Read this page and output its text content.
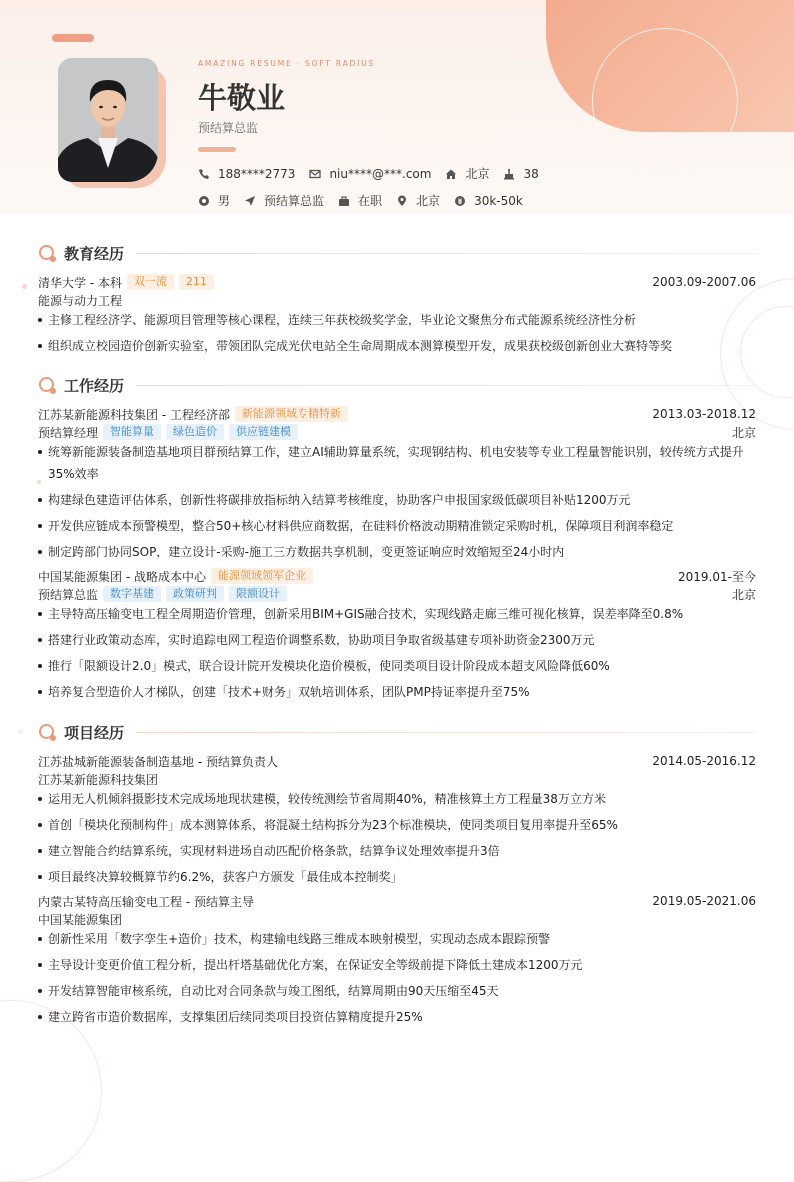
AMAZING RESUME · SOFT RADIUS
牛敬业
预结算总监
188****2773	niu****@***.com	北京	38
男	预结算总监	在职	北京	30k-50k
教育经历
清华大学 - 本科	双一流	211	2003.09-2007.06
能源与动力工程
主修工程经济学、能源项目管理等核心课程，连续三年获校级奖学金，毕业论文聚焦分布式能源系统经济性分析
组织成立校园造价创新实验室，带领团队完成光伏电站全生命周期成本测算模型开发，成果获校级创新创业大赛特等奖
工作经历
江苏某新能源科技集团 - 工程经济部	新能源领域专精特新	2013.03-2018.12
预结算经理	智能算量	绿色造价	供应链建模	北京
统筹新能源装备制造基地项目群预结算工作，建立AI辅助算量系统，实现钢结构、机电安装等专业工程量智能识别，较传统方式提升35%效率
构建绿色建造评估体系，创新性将碳排放指标纳入结算考核维度，协助客户申报国家级低碳项目补贴1200万元
开发供应链成本预警模型，整合50+核心材料供应商数据，在硅料价格波动期精准锁定采购时机，保障项目利润率稳定
制定跨部门协同SOP，建立设计-采购-施工三方数据共享机制，变更签证响应时效缩短至24小时内
中国某能源集团 - 战略成本中心	能源领域领军企业	2019.01-至今
预结算总监	数字基建	政策研判	限额设计	北京
主导特高压输变电工程全周期造价管理，创新采用BIM+GIS融合技术，实现线路走廊三维可视化核算，误差率降至0.8%
搭建行业政策动态库，实时追踪电网工程造价调整系数，协助项目争取省级基建专项补助资金2300万元
推行「限额设计2.0」模式，联合设计院开发模块化造价模板，使同类项目设计阶段成本超支风险降低60%
培养复合型造价人才梯队，创建「技术+财务」双轨培训体系，团队PMP持证率提升至75%
项目经历
江苏盐城新能源装备制造基地 - 预结算负责人	2014.05-2016.12
江苏某新能源科技集团
运用无人机倾斜摄影技术完成场地现状建模，较传统测绘节省周期40%，精准核算土方工程量38万立方米
首创「模块化预制构件」成本测算体系，将混凝土结构拆分为23个标准模块，使同类项目复用率提升至65%
建立智能合约结算系统，实现材料进场自动匹配价格条款，结算争议处理效率提升3倍
项目最终决算较概算节约6.2%，获客户方颁发「最佳成本控制奖」
内蒙古某特高压输变电工程 - 预结算主导	2019.05-2021.06
中国某能源集团
创新性采用「数字孪生+造价」技术，构建输电线路三维成本映射模型，实现动态成本跟踪预警
主导设计变更价值工程分析，提出杆塔基础优化方案，在保证安全等级前提下降低土建成本1200万元
开发结算智能审核系统，自动比对合同条款与竣工图纸，结算周期由90天压缩至45天
建立跨省市造价数据库，支撑集团后续同类项目投资估算精度提升25%
